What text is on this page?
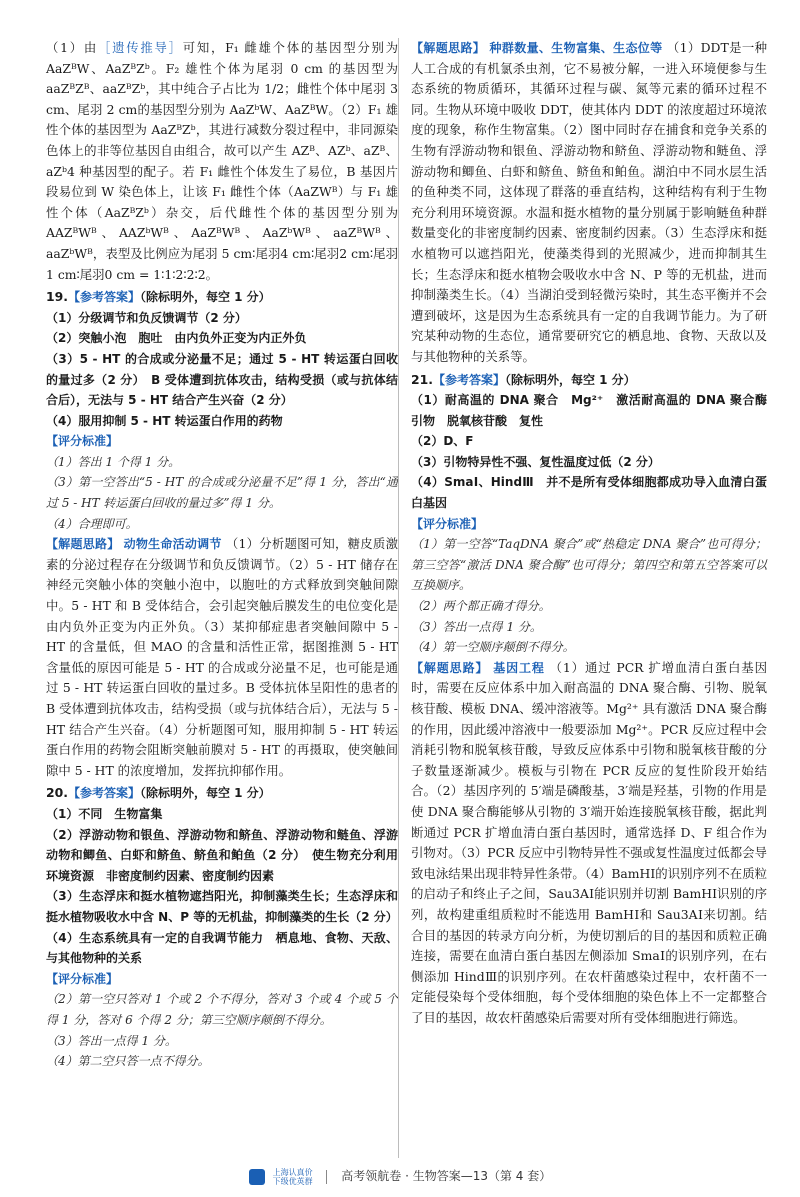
（1）由［遗传推导］可知，F₁ 雌雄个体的基因型分别为 AaZᴮW、AaZᴮZᵇ。F₂ 雄性个体为尾羽 0 cm 的基因型为 aaZᴮZᴮ、aaZᴮZᵇ，其中纯合子占比为 1/2；雌性个体中尾羽 3 cm、尾羽 2 cm的基因型分别为 AaZᵇW、AaZᴮW。（2）F₁ 雄性个体的基因型为 AaZᴮZᵇ，其进行减数分裂过程中，非同源染色体上的非等位基因自由组合，故可以产生 AZᴮ、AZᵇ、aZᴮ、aZᵇ4 种基因型的配子。若 F₁ 雌性个体发生了易位，B 基因片段易位到 W 染色体上，让该 F₁ 雌性个体（AaZWᴮ）与 F₁ 雄性个体（AaZᴮZᵇ）杂交，后代雌性个体的基因型分别为 AAZᴮWᴮ、AAZᵇWᴮ、AaZᴮWᴮ、AaZᵇWᴮ、aaZᴮWᴮ、aaZᵇWᴮ，表型及比例应为尾羽 5 cm∶尾羽4 cm∶尾羽2 cm∶尾羽1 cm∶尾羽0 cm = 1∶1∶2∶2∶2。

19.【参考答案】（除标明外，每空 1 分）

（1）分级调节和负反馈调节（2 分）

（2）突触小泡　胞吐　由内负外正变为内正外负

（3）5 - HT 的合成或分泌量不足；通过 5 - HT 转运蛋白回收的量过多（2 分）　B 受体遭到抗体攻击，结构受损（或与抗体结合后），无法与 5 - HT 结合产生兴奋（2 分）

（4）服用抑制 5 - HT 转运蛋白作用的药物

【评分标准】

（1）答出 1 个得 1 分。

（3）第一空答出“5 - HT 的合成或分泌量不足”得 1 分，答出“通过 5 - HT 转运蛋白回收的量过多”得 1 分。

（4）合理即可。

【解题思路】 动物生命活动调节 （1）分析题图可知，糖皮质激素的分泌过程存在分级调节和负反馈调节。（2）5 - HT 储存在神经元突触小体的突触小泡中，以胞吐的方式释放到突触间隙中。5 - HT 和 B 受体结合，会引起突触后膜发生的电位变化是由内负外正变为内正外负。（3）某抑郁症患者突触间隙中 5 - HT 的含量低，但 MAO 的含量和活性正常，据图推测 5 - HT 含量低的原因可能是 5 - HT 的合成或分泌量不足，也可能是通过 5 - HT 转运蛋白回收的量过多。B 受体抗体呈阳性的患者的 B 受体遭到抗体攻击，结构受损（或与抗体结合后），无法与 5 - HT 结合产生兴奋。（4）分析题图可知，服用抑制 5 - HT 转运蛋白作用的药物会阻断突触前膜对 5 - HT 的再摄取，使突触间隙中 5 - HT 的浓度增加，发挥抗抑郁作用。

20.【参考答案】（除标明外，每空 1 分）

（1）不同　生物富集

（2）浮游动物和银鱼、浮游动物和鲚鱼、浮游动物和鲢鱼、浮游动物和鲫鱼、白虾和鲚鱼、鲚鱼和鲌鱼（2 分）　使生物充分利用环境资源　非密度制约因素、密度制约因素

（3）生态浮床和挺水植物遮挡阳光，抑制藻类生长；生态浮床和挺水植物吸收水中含 N、P 等的无机盐，抑制藻类的生长（2 分）

（4）生态系统具有一定的自我调节能力　栖息地、食物、天敌、与其他物种的关系

【评分标准】

（2）第一空只答对 1 个或 2 个不得分，答对 3 个或 4 个或 5 个得 1 分，答对 6 个得 2 分；第三空顺序颠倒不得分。

（3）答出一点得 1 分。

（4）第二空只答一点不得分。

【解题思路】 种群数量、生物富集、生态位等 （1）DDT是一种人工合成的有机氯杀虫剂，它不易被分解，一进入环境便参与生态系统的物质循环，其循环过程与碳、氮等元素的循环过程不同。生物从环境中吸收 DDT，使其体内 DDT 的浓度超过环境浓度的现象，称作生物富集。（2）图中同时存在捕食和竞争关系的生物有浮游动物和银鱼、浮游动物和鲚鱼、浮游动物和鲢鱼、浮游动物和鲫鱼、白虾和鲚鱼、鲚鱼和鲌鱼。湖泊中不同水层生活的鱼种类不同，这体现了群落的垂直结构，这种结构有利于生物充分利用环境资源。水温和挺水植物的量分别属于影响鲢鱼种群数量变化的非密度制约因素、密度制约因素。（3）生态浮床和挺水植物可以遮挡阳光，使藻类得到的光照减少，进而抑制其生长；生态浮床和挺水植物会吸收水中含 N、P 等的无机盐，进而抑制藻类生长。（4）当湖泊受到轻微污染时，其生态平衡并不会遭到破坏，这是因为生态系统具有一定的自我调节能力。为了研究某种动物的生态位，通常要研究它的栖息地、食物、天敌以及与其他物种的关系等。

21.【参考答案】（除标明外，每空 1 分）

（1）耐高温的 DNA 聚合　Mg²⁺　激活耐高温的 DNA 聚合酶　引物　脱氧核苷酸　复性

（2）D、F

（3）引物特异性不强、复性温度过低（2 分）

（4）SmaⅠ、HindⅢ　并不是所有受体细胞都成功导入血清白蛋白基因

【评分标准】

（1）第一空答“TaqDNA 聚合”或“热稳定 DNA 聚合”也可得分；第三空答“激活 DNA 聚合酶”也可得分；第四空和第五空答案可以互换顺序。

（2）两个都正确才得分。

（3）答出一点得 1 分。

（4）第一空顺序颠倒不得分。

【解题思路】 基因工程 （1）通过 PCR 扩增血清白蛋白基因时，需要在反应体系中加入耐高温的 DNA 聚合酶、引物、脱氧核苷酸、模板 DNA、缓冲溶液等。Mg²⁺ 具有激活 DNA 聚合酶的作用，因此缓冲溶液中一般要添加 Mg²⁺。PCR 反应过程中会消耗引物和脱氧核苷酸，导致反应体系中引物和脱氧核苷酸的分子数量逐渐减少。模板与引物在 PCR 反应的复性阶段开始结合。（2）基因序列的 5′端是磷酸基，3′端是羟基，引物的作用是使 DNA 聚合酶能够从引物的 3′端开始连接脱氧核苷酸，据此判断通过 PCR 扩增血清白蛋白基因时，通常选择 D、F 组合作为引物对。（3）PCR 反应中引物特异性不强或复性温度过低都会导致电泳结果出现非特异性条带。（4）BamHⅠ的识别序列不在质粒的启动子和终止子之间，Sau3AⅠ能识别并切割 BamHⅠ识别的序列，故构建重组质粒时不能选用 BamHⅠ和 Sau3AⅠ来切割。结合目的基因的转录方向分析，为使切割后的目的基因和质粒正确连接，需要在血清白蛋白基因左侧添加 SmaⅠ的识别序列，在右侧添加 HindⅢ的识别序列。在农杆菌感染过程中，农杆菌不一定能侵染每个受体细胞，每个受体细胞的染色体上不一定都整合了目的基因，故农杆菌感染后需要对所有受体细胞进行筛选。

上海认真价
下级优英群 高考领航卷 · 生物答案—13（第 4 套）
